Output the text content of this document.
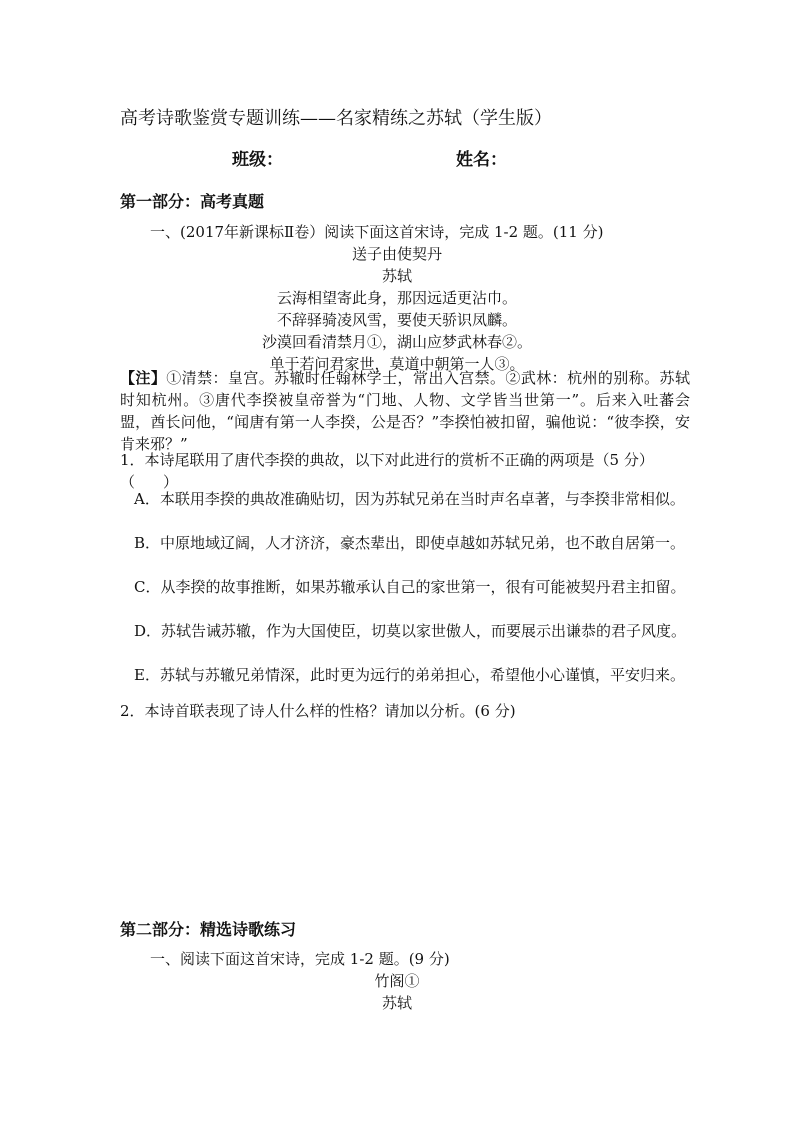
高考诗歌鉴赏专题训练——名家精练之苏轼（学生版）
班级：	姓名：
第一部分：高考真题
一、(2017年新课标Ⅱ卷）阅读下面这首宋诗，完成 1-2 题。(11 分)
送子由使契丹
苏轼
云海相望寄此身，那因远适更沾巾。
不辞驿骑凌风雪，要使天骄识凤麟。
沙漠回看清禁月①，湖山应梦武林春②。
单于若问君家世，莫道中朝第一人③。
【注】①清禁：皇宫。苏辙时任翰林学士，常出入宫禁。②武林：杭州的别称。苏轼时知杭州。③唐代李揆被皇帝誉为“门地、人物、文学皆当世第一”。后来入吐蕃会盟，酋长问他，“闻唐有第一人李揆，公是否？”李揆怕被扣留，骗他说：“彼李揆，安肯来邪？”
1．本诗尾联用了唐代李揆的典故，以下对此进行的赏析不正确的两项是（5 分）
（ ）
A．本联用李揆的典故准确贴切，因为苏轼兄弟在当时声名卓著，与李揆非常相似。
B．中原地域辽阔，人才济济，豪杰辈出，即使卓越如苏轼兄弟，也不敢自居第一。
C．从李揆的故事推断，如果苏辙承认自己的家世第一，很有可能被契丹君主扣留。
D．苏轼告诫苏辙，作为大国使臣，切莫以家世傲人，而要展示出谦恭的君子风度。
E．苏轼与苏辙兄弟情深，此时更为远行的弟弟担心，希望他小心谨慎，平安归来。
2．本诗首联表现了诗人什么样的性格？请加以分析。(6 分)
第二部分：精选诗歌练习
一、阅读下面这首宋诗，完成 1-2 题。(9 分)
竹阁①
苏轼
